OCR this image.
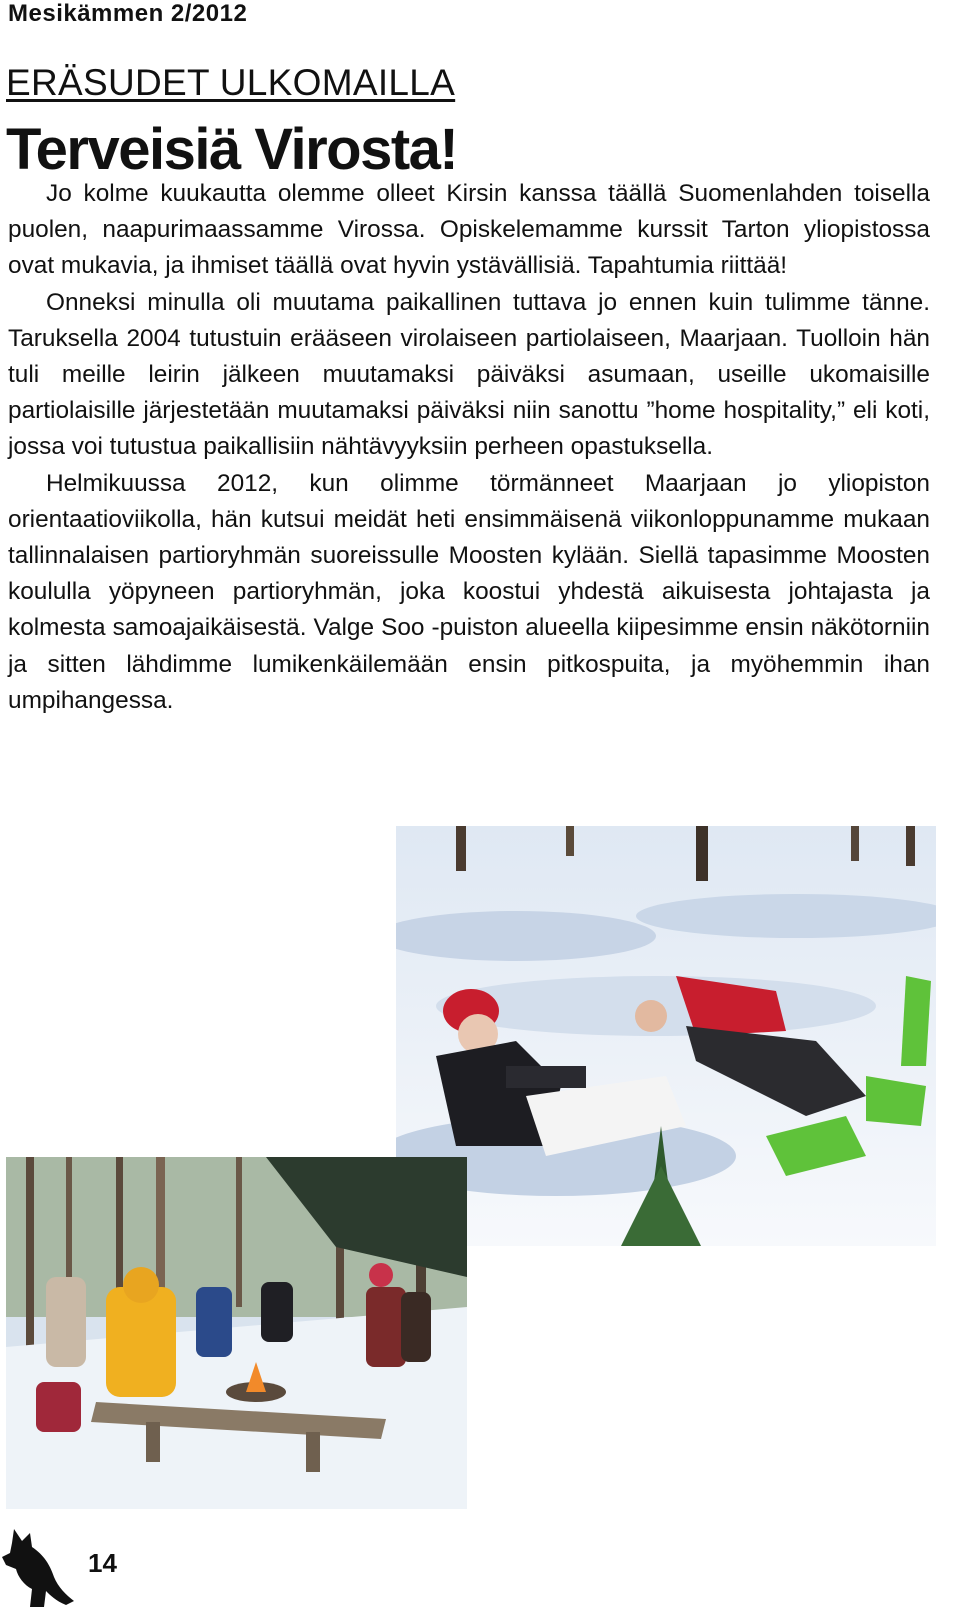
Mesikämmen 2/2012
ERÄSUDET ULKOMAILLA
Terveisiä Virosta!

Jo kolme kuukautta olemme olleet Kirsin kanssa täällä Suomenlahden toisella puolen, naapurimaassamme Virossa. Opiskelemamme kurssit Tarton yliopistossa ovat mukavia, ja ihmiset täällä ovat hyvin ystävällisiä. Tapahtumia riittää!

Onneksi minulla oli muutama paikallinen tuttava jo ennen kuin tulimme tänne. Taruksella 2004 tutustuin erääseen virolaiseen partiolaiseen, Maarjaan. Tuolloin hän tuli meille leirin jälkeen muutamaksi päiväksi asumaan, useille ukomaisille partiolaisille järjestetään muutamaksi päiväksi niin sanottu ”home hospitality,” eli koti, jossa voi tutustua paikallisiin nähtävyyksiin perheen opastuksella.

Helmikuussa 2012, kun olimme törmänneet Maarjaan jo yliopiston orientaatioviikolla, hän kutsui meidät heti ensimmäisenä viikonloppunamme mukaan tallinnalaisen partioryhmän suoreissulle Moosten kylään. Siellä tapasimme Moosten koululla yöpyneen partioryhmän, joka koostui yhdestä aikuisesta johtajasta ja kolmesta samoajaikäisestä. Valge Soo -puiston alueella kiipesimme ensin näkötorniin ja sitten lähdimme lumikenkäilemään ensin pitkospuita, ja myöhemmin ihan umpihangessa.

14
